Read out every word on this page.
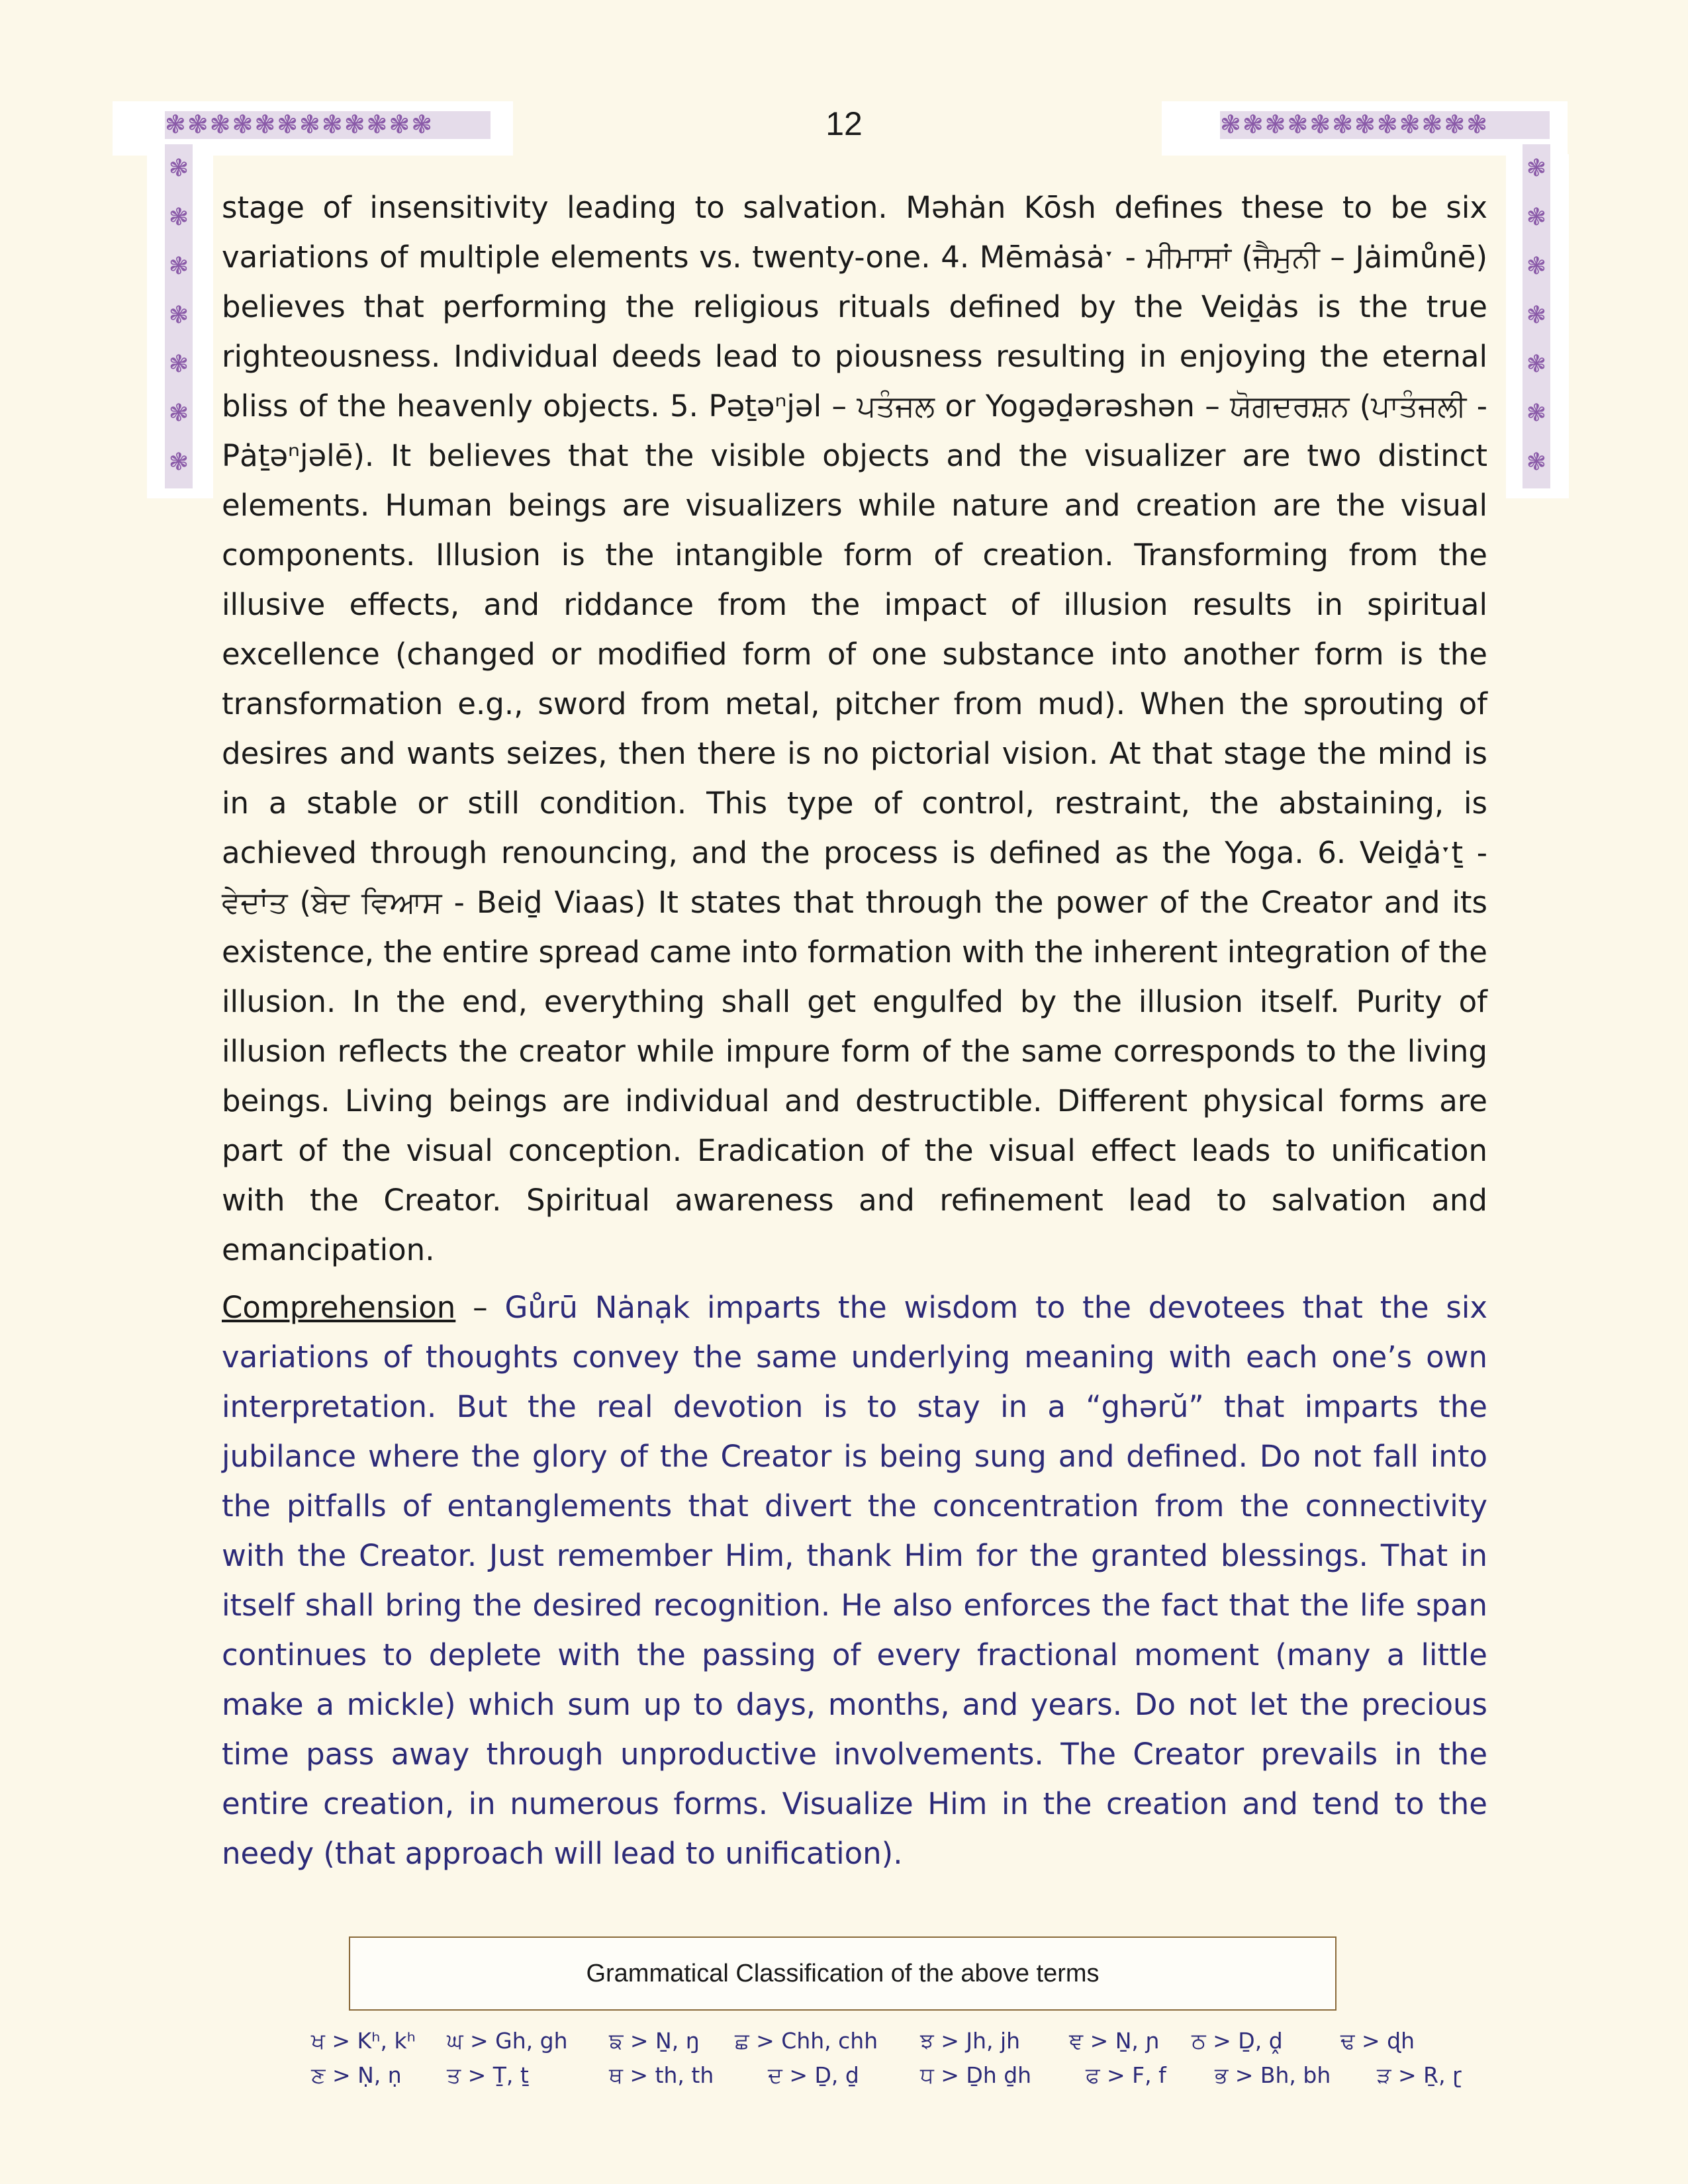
❃❃❃❃❃❃❃❃❃❃❃❃	❃❃❃❃❃❃❃❃❃❃❃❃
❃❃❃❃❃❃❃
❃❃❃❃❃❃❃
12

stage of insensitivity leading to salvation. Məhȧn Kōsh defines these to be six variations of multiple elements vs. twenty-one. 4. Mēmȧsȧˑ - ਮੀਮਾਸਾਂ (ਜੈਮੁਨੀ – Jȧimůnē) believes that performing the religious rituals defined by the Veiḏȧs is the true righteousness. Individual deeds lead to piousness resulting in enjoying the eternal bliss of the heavenly objects. 5. Pəṯəⁿjəl – ਪਤੰਜਲ or Yogəḏərəshən – ਯੋਗਦਰਸ਼ਨ (ਪਾਤੰਜਲੀ - Pȧṯəⁿjəlē). It believes that the visible objects and the visualizer are two distinct elements. Human beings are visualizers while nature and creation are the visual components. Illusion is the intangible form of creation. Transforming from the illusive effects, and riddance from the impact of illusion results in spiritual excellence (changed or modified form of one substance into another form is the transformation e.g., sword from metal, pitcher from mud). When the sprouting of desires and wants seizes, then there is no pictorial vision. At that stage the mind is in a stable or still condition. This type of control, restraint, the abstaining, is achieved through renouncing, and the process is defined as the Yoga. 6. Veiḏȧˑṯ - ਵੇਦਾਂਤ (ਬੇਦ ਵਿਆਸ - Beiḏ Viaas) It states that through the power of the Creator and its existence, the entire spread came into formation with the inherent integration of the illusion. In the end, everything shall get engulfed by the illusion itself. Purity of illusion reflects the creator while impure form of the same corresponds to the living beings. Living beings are individual and destructible. Different physical forms are part of the visual conception. Eradication of the visual effect leads to unification with the Creator. Spiritual awareness and refinement lead to salvation and emancipation.

Comprehension – Gůrū Nȧnạk imparts the wisdom to the devotees that the six variations of thoughts convey the same underlying meaning with each one’s own interpretation. But the real devotion is to stay in a “ghərŭ” that imparts the jubilance where the glory of the Creator is being sung and defined. Do not fall into the pitfalls of entanglements that divert the concentration from the connectivity with the Creator. Just remember Him, thank Him for the granted blessings. That in itself shall bring the desired recognition. He also enforces the fact that the life span continues to deplete with the passing of every fractional moment (many a little make a mickle) which sum up to days, months, and years. Do not let the precious time pass away through unproductive involvements. The Creator prevails in the entire creation, in numerous forms. Visualize Him in the creation and tend to the needy (that approach will lead to unification).

Grammatical Classification of the above terms
ਖ > Kʰ, kʰ	ਘ > Gh, gh	ਙ > Ṉ, ŋ	ਛ > Chh, chh	ਝ > Jh, jh	ਞ > Ṉ, ɲ	ਠ > Ḏ, ḓ	ਢ > ɖh
ਣ > Ṇ, ṇ	ਤ > Ṯ, ṯ	ਥ > th, th	ਦ > Ḏ, ḏ	ਧ > Ḏh ḏh	ਫ > F, f	ਭ > Bh, bh	ੜ > Ṟ, ɽ
